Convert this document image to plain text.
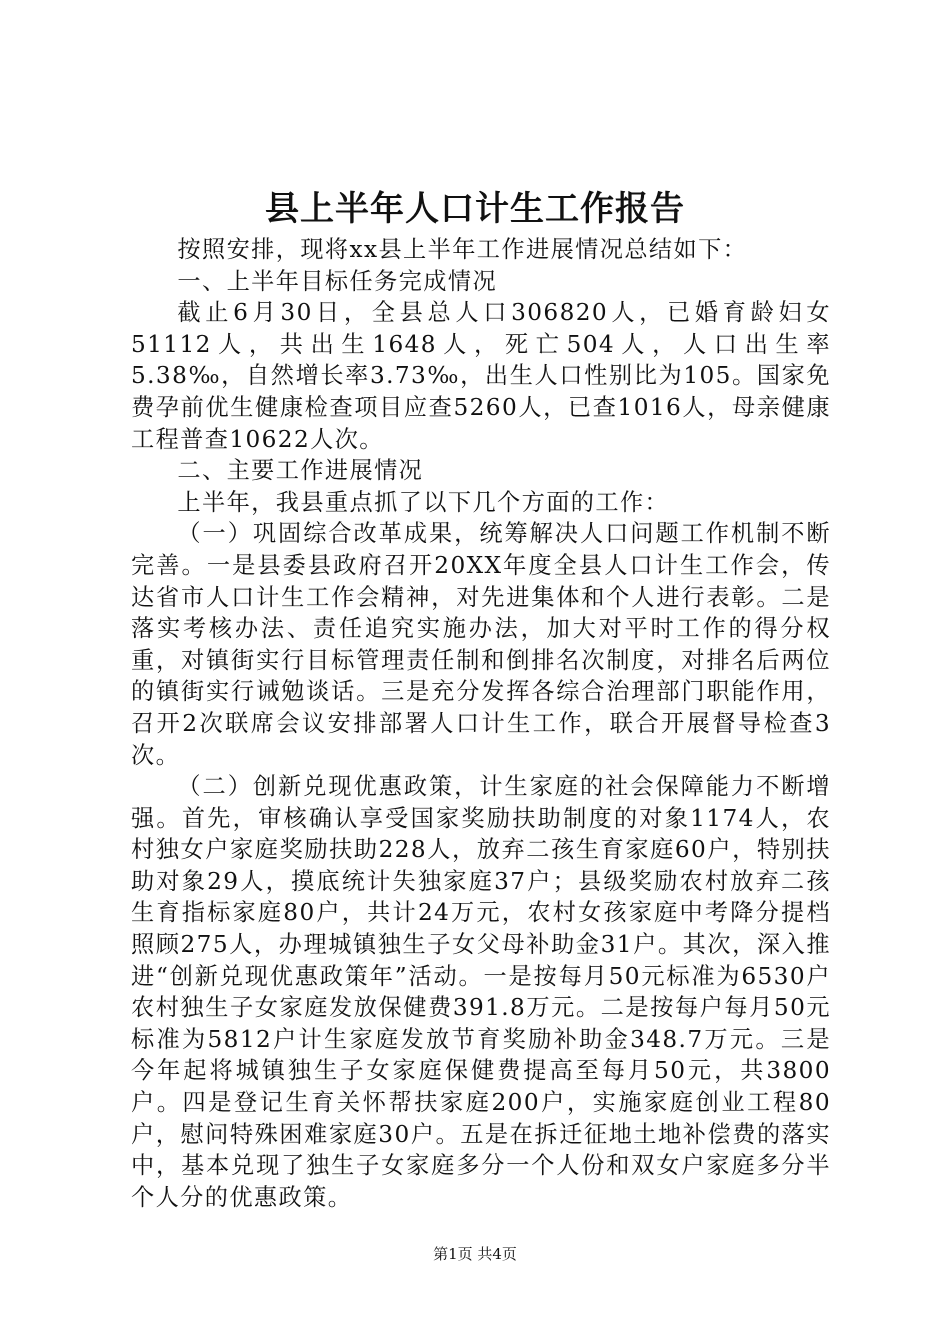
县上半年人口计生工作报告

按照安排，现将xx县上半年工作进展情况总结如下：

一、上半年目标任务完成情况

截止6月30日，全县总人口306820人，已婚育龄妇女51112人，共出生1648人，死亡504人，人口出生率5.38‰，自然增长率3.73‰，出生人口性别比为105。国家免费孕前优生健康检查项目应查5260人，已查1016人，母亲健康工程普查10622人次。

二、主要工作进展情况

上半年，我县重点抓了以下几个方面的工作：

（一）巩固综合改革成果，统筹解决人口问题工作机制不断完善。一是县委县政府召开20XX年度全县人口计生工作会，传达省市人口计生工作会精神，对先进集体和个人进行表彰。二是落实考核办法、责任追究实施办法，加大对平时工作的得分权重，对镇街实行目标管理责任制和倒排名次制度，对排名后两位的镇街实行诫勉谈话。三是充分发挥各综合治理部门职能作用，召开2次联席会议安排部署人口计生工作，联合开展督导检查3次。

（二）创新兑现优惠政策，计生家庭的社会保障能力不断增强。首先，审核确认享受国家奖励扶助制度的对象1174人，农村独女户家庭奖励扶助228人，放弃二孩生育家庭60户，特别扶助对象29人，摸底统计失独家庭37户；县级奖励农村放弃二孩生育指标家庭80户，共计24万元，农村女孩家庭中考降分提档照顾275人，办理城镇独生子女父母补助金31户。其次，深入推进“创新兑现优惠政策年”活动。一是按每月50元标准为6530户农村独生子女家庭发放保健费391.8万元。二是按每户每月50元标准为5812户计生家庭发放节育奖励补助金348.7万元。三是今年起将城镇独生子女家庭保健费提高至每月50元，共3800户。四是登记生育关怀帮扶家庭200户，实施家庭创业工程80户，慰问特殊困难家庭30户。五是在拆迁征地土地补偿费的落实中，基本兑现了独生子女家庭多分一个人份和双女户家庭多分半个人分的优惠政策。

第1页 共4页
